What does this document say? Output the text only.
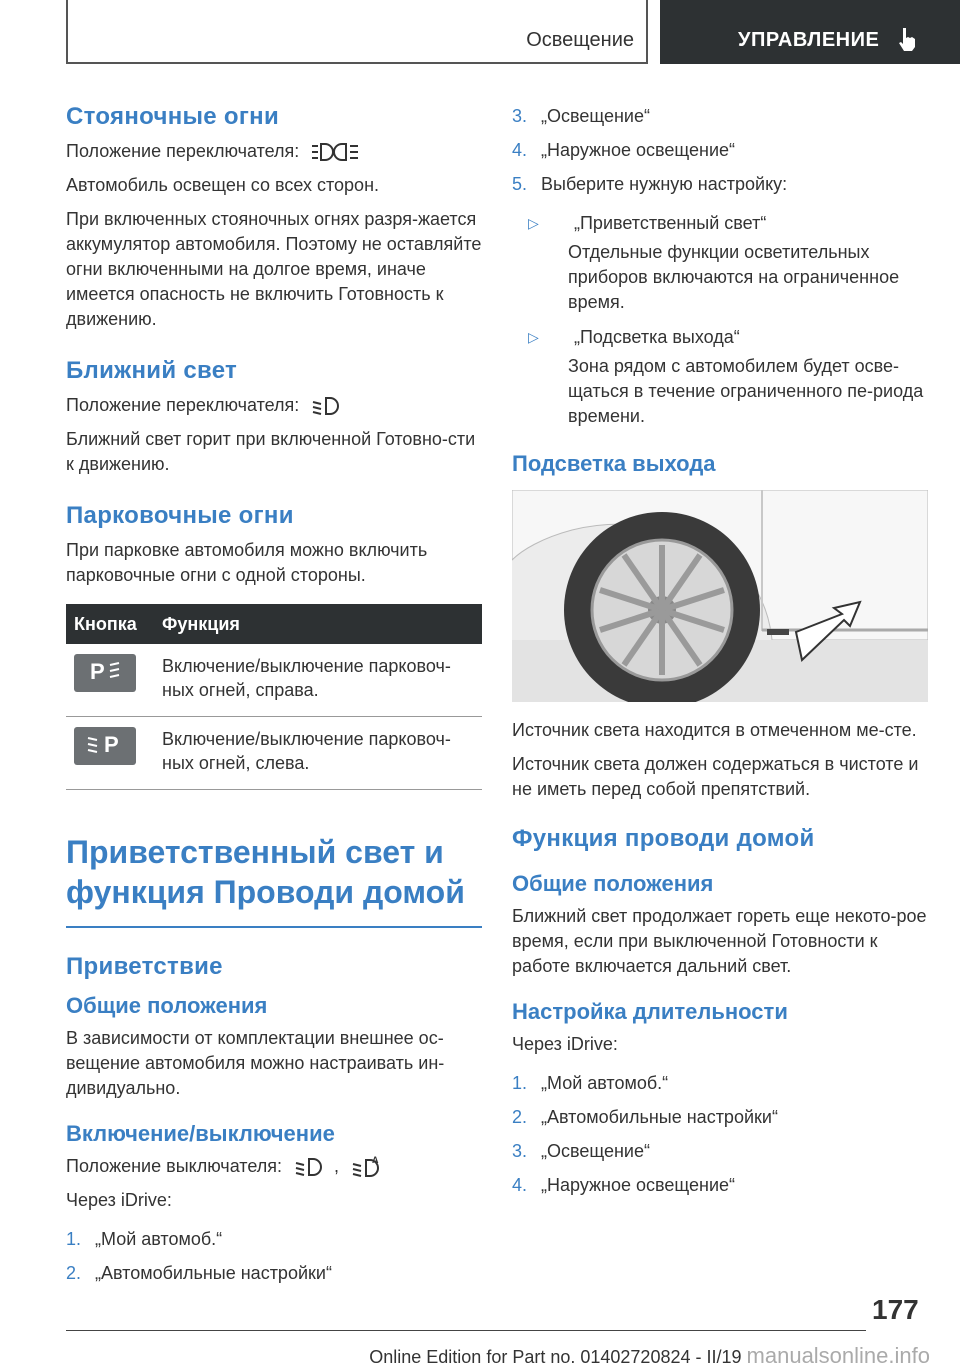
Освещение	УПРАВЛЕНИЕ
Стояночные огни

Положение переключателя:

Автомобиль освещен со всех сторон.

При включенных стояночных огнях разря-жается аккумулятор автомобиля. Поэтому не оставляйте огни включенными на долгое время, иначе имеется опасность не включить Готовность к движению.

Ближний свет

Положение переключателя:

Ближний свет горит при включенной Готовно-сти к движению.

Парковочные огни

При парковке автомобиля можно включить парковочные огни с одной стороны.

Кнопка	Функция

P	Включение/выключение парковоч-ных огней, справа.

P	Включение/выключение парковоч-ных огней, слева.
Приветственный свет и функция Проводи домой
Приветствие
Общие положения

В зависимости от комплектации внешнее ос-вещение автомобиля можно настраивать ин-дивидуально.

Включение/выключение

Положение выключателя:	,	A

Через iDrive:

1. „Мой автомоб.“
2. „Автомобильные настройки“
3. „Освещение“
4. „Наружное освещение“
5. Выберите нужную настройку:
▷	„Приветственный свет“
Отдельные функции осветительных приборов включаются на ограниченное время.
▷	„Подсветка выхода“
Зона рядом с автомобилем будет осве-щаться в течение ограниченного пе-риода времени.
Подсветка выхода

Источник света находится в отмеченном ме-сте.

Источник света должен содержаться в чистоте и не иметь перед собой препятствий.

Функция проводи домой
Общие положения

Ближний свет продолжает гореть еще некото-рое время, если при выключенной Готовности к работе включается дальний свет.

Настройка длительности

Через iDrive:

1. „Мой автомоб.“
2. „Автомобильные настройки“
3. „Освещение“
4. „Наружное освещение“
177
Online Edition for Part no. 01402720824 - II/19 manualsonline.info
